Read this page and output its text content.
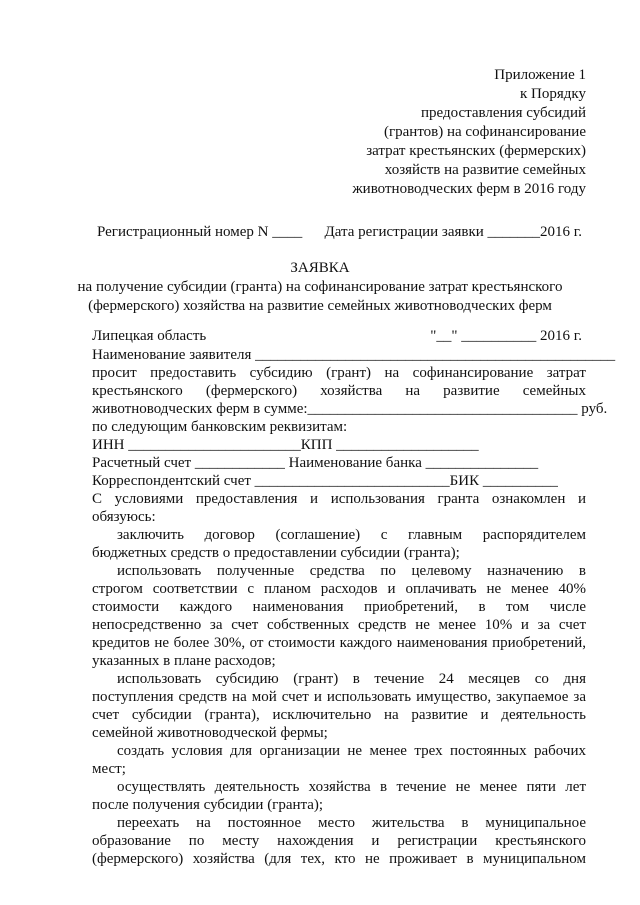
Приложение 1
к Порядку
предоставления субсидий
(грантов) на софинансирование
затрат крестьянских (фермерских)
хозяйств на развитие семейных
животноводческих ферм в 2016 году
Регистрационный номер N ____ Дата регистрации заявки _______2016 г.
ЗАЯВКА
на получение субсидии (гранта) на софинансирование затрат крестьянского
(фермерского) хозяйства на развитие семейных животноводческих ферм
Липецкая область	"__" __________ 2016 г.
Наименование заявителя ________________________________________________
просит предоставить субсидию (грант) на софинансирование затрат
крестьянского (фермерского) хозяйства на развитие семейных
животноводческих ферм в сумме:____________________________________ руб.
по следующим банковским реквизитам:
ИНН _______________________КПП ___________________
Расчетный счет ____________ Наименование банка _______________
Корреспондентский счет __________________________БИК __________
С условиями предоставления и использования гранта ознакомлен и
обязуюсь:
заключить договор (соглашение) с главным распорядителем
бюджетных средств о предоставлении субсидии (гранта);
использовать полученные средства по целевому назначению в
строгом соответствии с планом расходов и оплачивать не менее 40%
стоимости каждого наименования приобретений, в том числе
непосредственно за счет собственных средств не менее 10% и за счет
кредитов не более 30%, от стоимости каждого наименования приобретений,
указанных в плане расходов;
использовать субсидию (грант) в течение 24 месяцев со дня
поступления средств на мой счет и использовать имущество, закупаемое за
счет субсидии (гранта), исключительно на развитие и деятельность
семейной животноводческой фермы;
создать условия для организации не менее трех постоянных рабочих
мест;
осуществлять деятельность хозяйства в течение не менее пяти лет
после получения субсидии (гранта);
переехать на постоянное место жительства в муниципальное
образование по месту нахождения и регистрации крестьянского
(фермерского) хозяйства (для тех, кто не проживает в муниципальном
